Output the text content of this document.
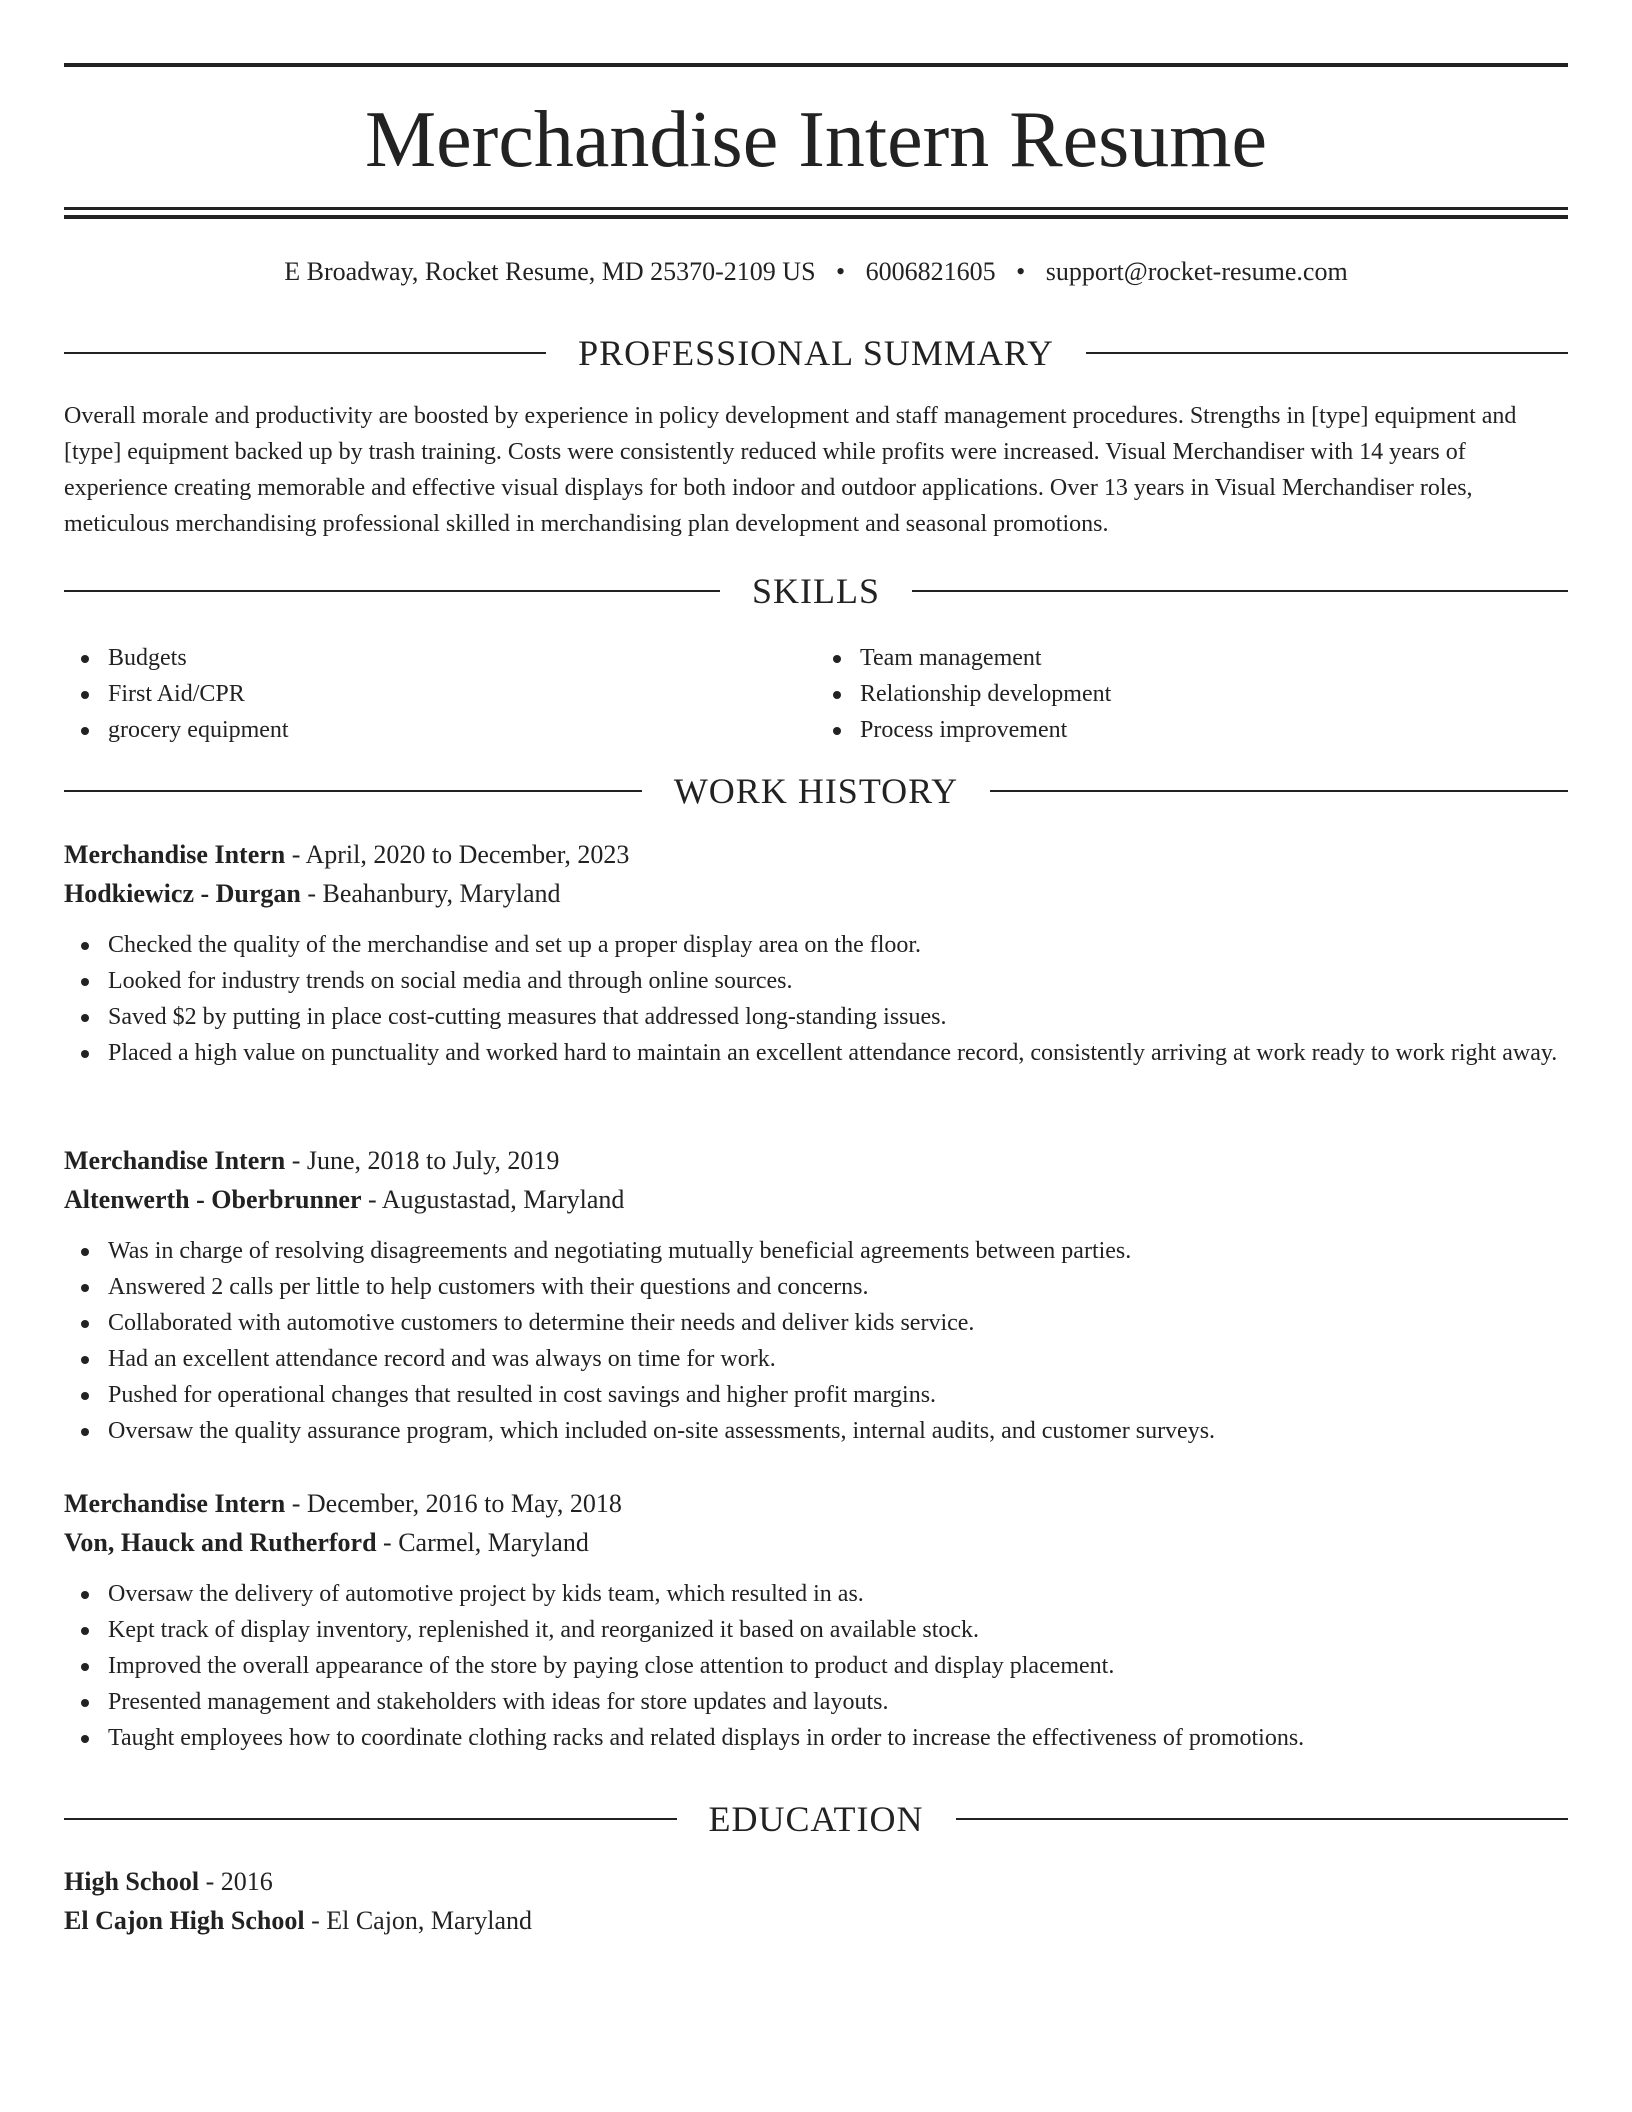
Merchandise Intern Resume
E Broadway, Rocket Resume, MD 25370-2109 US • 6006821605 • support@rocket-resume.com
PROFESSIONAL SUMMARY

Overall morale and productivity are boosted by experience in policy development and staff management procedures. Strengths in [type] equipment and [type] equipment backed up by trash training. Costs were consistently reduced while profits were increased. Visual Merchandiser with 14 years of experience creating memorable and effective visual displays for both indoor and outdoor applications. Over 13 years in Visual Merchandiser roles, meticulous merchandising professional skilled in merchandising plan development and seasonal promotions.

SKILLS
Budgets
First Aid/CPR
grocery equipment
Team management
Relationship development
Process improvement
WORK HISTORY
Merchandise Intern - April, 2020 to December, 2023
Hodkiewicz - Durgan - Beahanbury, Maryland
Checked the quality of the merchandise and set up a proper display area on the floor.
Looked for industry trends on social media and through online sources.
Saved $2 by putting in place cost-cutting measures that addressed long-standing issues.
Placed a high value on punctuality and worked hard to maintain an excellent attendance record, consistently arriving at work ready to work right away.
Merchandise Intern - June, 2018 to July, 2019
Altenwerth - Oberbrunner - Augustastad, Maryland
Was in charge of resolving disagreements and negotiating mutually beneficial agreements between parties.
Answered 2 calls per little to help customers with their questions and concerns.
Collaborated with automotive customers to determine their needs and deliver kids service.
Had an excellent attendance record and was always on time for work.
Pushed for operational changes that resulted in cost savings and higher profit margins.
Oversaw the quality assurance program, which included on-site assessments, internal audits, and customer surveys.
Merchandise Intern - December, 2016 to May, 2018
Von, Hauck and Rutherford - Carmel, Maryland
Oversaw the delivery of automotive project by kids team, which resulted in as.
Kept track of display inventory, replenished it, and reorganized it based on available stock.
Improved the overall appearance of the store by paying close attention to product and display placement.
Presented management and stakeholders with ideas for store updates and layouts.
Taught employees how to coordinate clothing racks and related displays in order to increase the effectiveness of promotions.
EDUCATION
High School - 2016
El Cajon High School - El Cajon, Maryland
